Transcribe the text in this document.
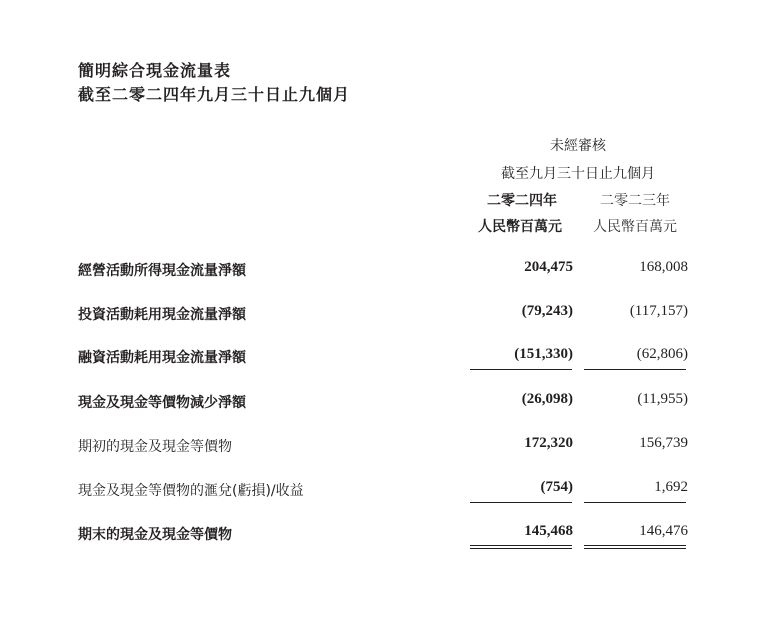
簡明綜合現金流量表
截至二零二四年九月三十日止九個月
未經審核
截至九月三十日止九個月
二零二四年	二零二三年
人民幣百萬元	人民幣百萬元
經營活動所得現金流量淨額	204,475	168,008
投資活動耗用現金流量淨額	(79,243)	(117,157)
融資活動耗用現金流量淨額	(151,330)	(62,806)
現金及現金等價物減少淨額	(26,098)	(11,955)
期初的現金及現金等價物	172,320	156,739
現金及現金等價物的滙兌(虧損)/收益	(754)	1,692
期末的現金及現金等價物	145,468	146,476
